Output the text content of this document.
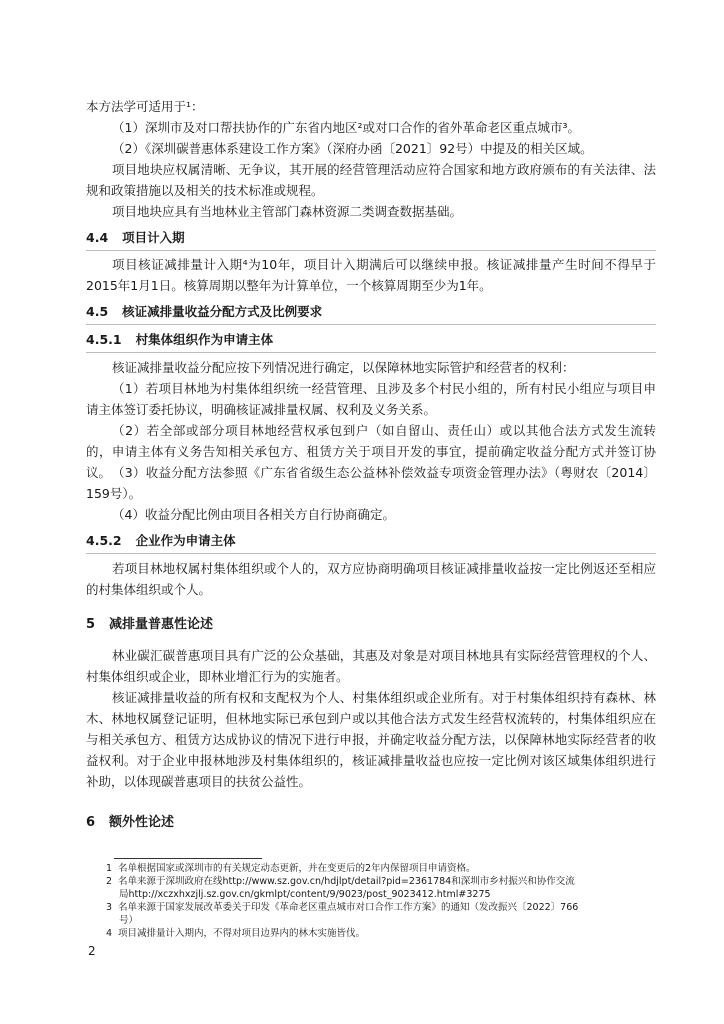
本方法学可适用于¹：
（1）深圳市及对口帮扶协作的广东省内地区²或对口合作的省外革命老区重点城市³。
（2）《深圳碳普惠体系建设工作方案》（深府办函〔2021〕92号）中提及的相关区域。

项目地块应权属清晰、无争议，其开展的经营管理活动应符合国家和地方政府颁布的有关法律、法规和政策措施以及相关的技术标准或规程。

项目地块应具有当地林业主管部门森林资源二类调查数据基础。
4.4 项目计入期

项目核证减排量计入期⁴为10年，项目计入期满后可以继续申报。核证减排量产生时间不得早于2015年1月1日。核算周期以整年为计算单位，一个核算周期至少为1年。

4.5 核证减排量收益分配方式及比例要求
4.5.1 村集体组织作为申请主体
核证减排量收益分配应按下列情况进行确定，以保障林地实际管护和经营者的权利：

（1）若项目林地为村集体组织统一经营管理、且涉及多个村民小组的，所有村民小组应与项目申请主体签订委托协议，明确核证减排量权属、权利及义务关系。

（2）若全部或部分项目林地经营权承包到户（如自留山、责任山）或以其他合法方式发生流转的，申请主体有义务告知相关承包方、租赁方关于项目开发的事宜，提前确定收益分配方式并签订协议。 （3）收益分配方法参照《广东省省级生态公益林补偿效益专项资金管理办法》（粤财农〔2014〕159号）。

（4）收益分配比例由项目各相关方自行协商确定。
4.5.2 企业作为申请主体

若项目林地权属村集体组织或个人的，双方应协商明确项目核证减排量收益按一定比例返还至相应的村集体组织或个人。

5 减排量普惠性论述

林业碳汇碳普惠项目具有广泛的公众基础，其惠及对象是对项目林地具有实际经营管理权的个人、村集体组织或企业，即林业增汇行为的实施者。

核证减排量收益的所有权和支配权为个人、村集体组织或企业所有。对于村集体组织持有森林、林木、林地权属登记证明，但林地实际已承包到户或以其他合法方式发生经营权流转的，村集体组织应在与相关承包方、租赁方达成协议的情况下进行申报，并确定收益分配方法，以保障林地实际经营者的收益权利。对于企业申报林地涉及村集体组织的，核证减排量收益也应按一定比例对该区域集体组织进行补助，以体现碳普惠项目的扶贫公益性。

6 额外性论述

1 名单根据国家或深圳市的有关规定动态更新，并在变更后的2年内保留项目申请资格。

2 名单来源于深圳政府在线http://www.sz.gov.cn/hdjlpt/detail?pid=2361784和深圳市乡村振兴和协作交流

局http://xczxhxzjlj.sz.gov.cn/gkmlpt/content/9/9023/post_9023412.html#3275

3 名单来源于国家发展改革委关于印发《革命老区重点城市对口合作工作方案》的通知（发改振兴〔2022〕766

号）

4 项目减排量计入期内，不得对项目边界内的林木实施皆伐。

2
